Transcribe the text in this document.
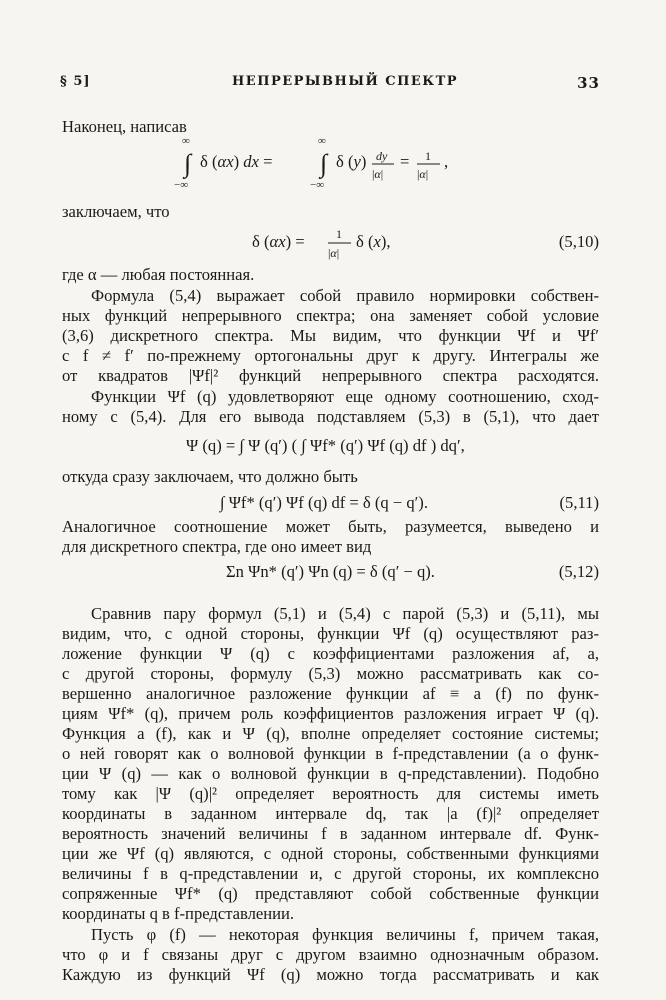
§ 5]	НЕПРЕРЫВНЫЙ СПЕКТР	33
Наконец, написав
∞
∫
−∞
δ (αx) dx =
∞
∫
−∞
δ (y) dy
|α|
= 1
|α|
,
заключаем, что
δ (αx) =	1
|α|
δ (x),	(5,10)
где α — любая постоянная.
Формула (5,4) выражает собой правило нормировки собствен-
ных функций непрерывного спектра; она заменяет собой условие
(3,6) дискретного спектра. Мы видим, что функции Ψf и Ψf′
с f ≠ f′ по-прежнему ортогональны друг к другу. Интегралы же
от квадратов |Ψf|² функций непрерывного спектра расходятся.
Функции Ψf (q) удовлетворяют еще одному соотношению, сход-
ному с (5,4). Для его вывода подставляем (5,3) в (5,1), что дает
Ψ (q) = ∫ Ψ (q′) ( ∫ Ψf* (q′) Ψf (q) df ) dq′,
откуда сразу заключаем, что должно быть
∫ Ψf* (q′) Ψf (q) df = δ (q − q′).	(5,11)
Аналогичное соотношение может быть, разумеется, выведено и
для дискретного спектра, где оно имеет вид
Σn Ψn* (q′) Ψn (q) = δ (q′ − q).	(5,12)
Сравнив пару формул (5,1) и (5,4) с парой (5,3) и (5,11), мы
видим, что, с одной стороны, функции Ψf (q) осуществляют раз-
ложение функции Ψ (q) с коэффициентами разложения af, а,
с другой стороны, формулу (5,3) можно рассматривать как со-
вершенно аналогичное разложение функции af ≡ a (f) по функ-
циям Ψf* (q), причем роль коэффициентов разложения играет Ψ (q).
Функция a (f), как и Ψ (q), вполне определяет состояние системы;
о ней говорят как о волновой функции в f-представлении (а о функ-
ции Ψ (q) — как о волновой функции в q-представлении). Подобно
тому как |Ψ (q)|² определяет вероятность для системы иметь
координаты в заданном интервале dq, так |a (f)|² определяет
вероятность значений величины f в заданном интервале df. Функ-
ции же Ψf (q) являются, с одной стороны, собственными функциями
величины f в q-представлении и, с другой стороны, их комплексно
сопряженные Ψf* (q) представляют собой собственные функции
координаты q в f-представлении.
Пусть φ (f) — некоторая функция величины f, причем такая,
что φ и f связаны друг с другом взаимно однозначным образом.
Каждую из функций Ψf (q) можно тогда рассматривать и как
